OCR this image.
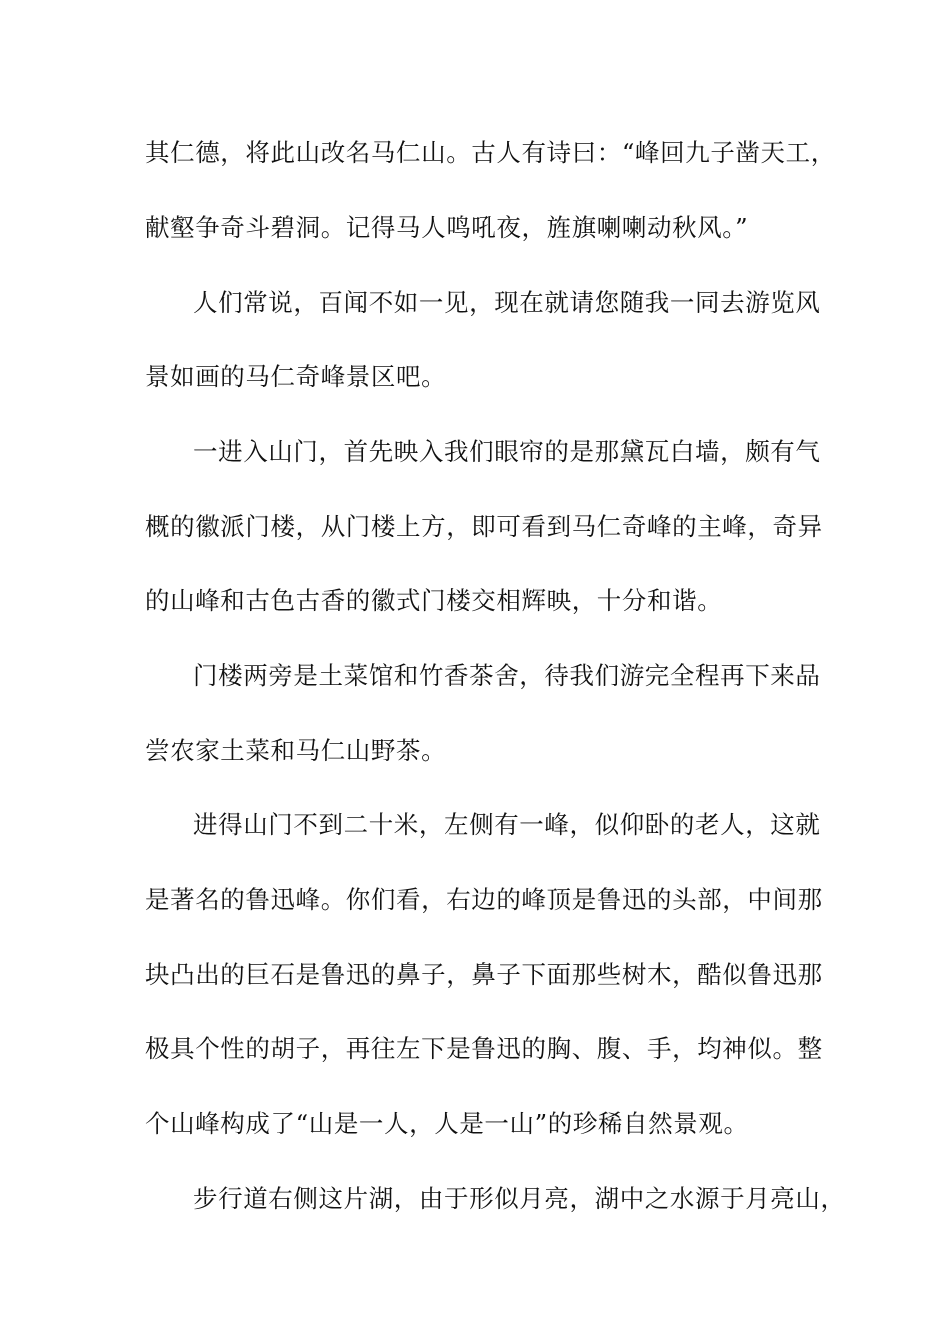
其仁德，将此山改名马仁山。古人有诗曰：“峰回九子凿天工，
献壑争奇斗碧洞。记得马人鸣吼夜，旌旗喇喇动秋风。”
人们常说，百闻不如一见，现在就请您随我一同去游览风
景如画的马仁奇峰景区吧。
一进入山门，首先映入我们眼帘的是那黛瓦白墙，颇有气
概的徽派门楼，从门楼上方，即可看到马仁奇峰的主峰，奇异
的山峰和古色古香的徽式门楼交相辉映，十分和谐。
门楼两旁是土菜馆和竹香茶舍，待我们游完全程再下来品
尝农家土菜和马仁山野茶。
进得山门不到二十米，左侧有一峰，似仰卧的老人，这就
是著名的鲁迅峰。你们看，右边的峰顶是鲁迅的头部，中间那
块凸出的巨石是鲁迅的鼻子，鼻子下面那些树木，酷似鲁迅那
极具个性的胡子，再往左下是鲁迅的胸、腹、手，均神似。整
个山峰构成了“山是一人，人是一山”的珍稀自然景观。
步行道右侧这片湖，由于形似月亮，湖中之水源于月亮山，
